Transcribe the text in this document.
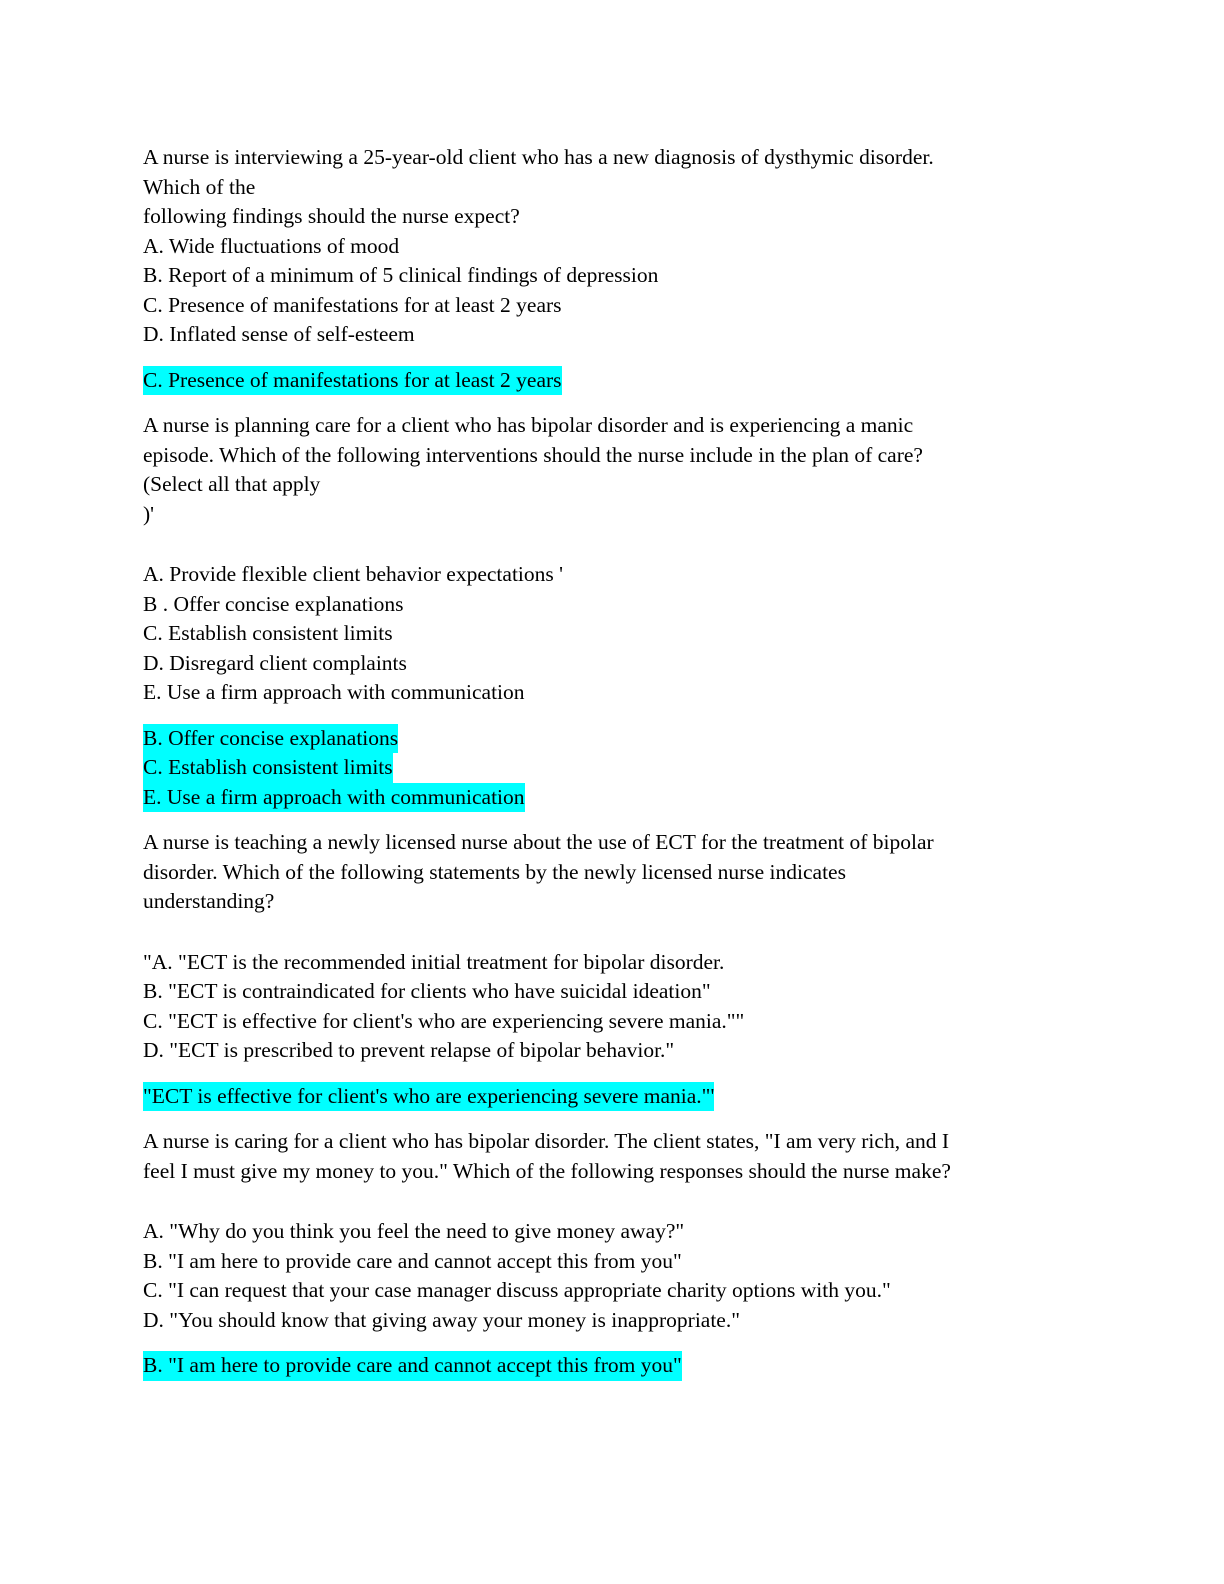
A nurse is interviewing a 25-year-old client who has a new diagnosis of dysthymic disorder.
Which of the
following findings should the nurse expect?
A. Wide fluctuations of mood
B. Report of a minimum of 5 clinical findings of depression
C. Presence of manifestations for at least 2 years
D. Inflated sense of self-esteem
C. Presence of manifestations for at least 2 years
A nurse is planning care for a client who has bipolar disorder and is experiencing a manic
episode. Which of the following interventions should the nurse include in the plan of care?
(Select all that apply
)'
A. Provide flexible client behavior expectations '
B . Offer concise explanations
C. Establish consistent limits
D. Disregard client complaints
E. Use a firm approach with communication
B. Offer concise explanations
C. Establish consistent limits
E. Use a firm approach with communication
A nurse is teaching a newly licensed nurse about the use of ECT for the treatment of bipolar
disorder. Which of the following statements by the newly licensed nurse indicates
understanding?
"A. "ECT is the recommended initial treatment for bipolar disorder.
B. "ECT is contraindicated for clients who have suicidal ideation"
C. "ECT is effective for client's who are experiencing severe mania.""
D. "ECT is prescribed to prevent relapse of bipolar behavior."
"ECT is effective for client's who are experiencing severe mania."'
A nurse is caring for a client who has bipolar disorder. The client states, "I am very rich, and I
feel I must give my money to you." Which of the following responses should the nurse make?
A. "Why do you think you feel the need to give money away?"
B. "I am here to provide care and cannot accept this from you"
C. "I can request that your case manager discuss appropriate charity options with you."
D. "You should know that giving away your money is inappropriate."
B. "I am here to provide care and cannot accept this from you"
